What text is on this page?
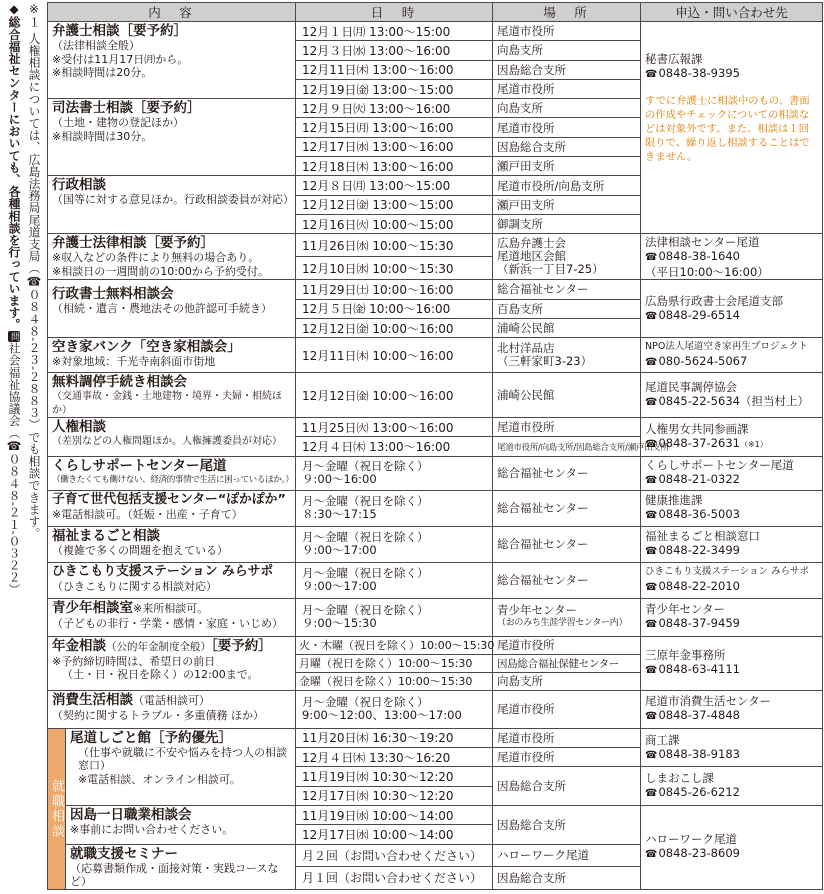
※１ 人権相談については、広島法務局尾道支局（☎０８４８-２３-２８８３）でも相談できます。
◆総合福祉センターにおいても、各種相談を行っています。問社会福祉協議会（☎０８４８-２１-０３２２）
内　容		日　時	場　所	申込・問い合わせ先

弁護士相談［要予約］
（法律相談全般）
※受付は11月17日㈪から。
※相談時間は20分。		12月１日㈪ 13:00～15:00	尾道市役所	秘書広報課
☎ 0848-38-9395
すでに弁護士に相談中のもの、書面の作成やチェックについての相談などは対象外です。また、相談は１回限りで、繰り返し相談することはできません。

		12月３日㈬ 13:00～16:00	向島支所	
		12月11日㈭ 13:00～16:00	因島総合支所	
		12月19日㈮ 13:00～15:00	尾道市役所	

司法書士相談［要予約］
（土地・建物の登記ほか）
※相談時間は30分。		12月９日㈫ 13:00～16:00	向島支所	
		12月15日㈪ 13:00～16:00	尾道市役所	
		12月17日㈬ 13:00～16:00	因島総合支所	
		12月18日㈭ 13:00～16:00	瀬戸田支所	

行政相談
（国等に対する意見ほか。行政相談委員が対応）		12月８日㈪ 13:00～15:00	尾道市役所/向島支所	
		12月12日㈮ 13:00～15:00	瀬戸田支所	
		12月16日㈫ 10:00～15:00	御調支所	

弁護士法律相談［要予約］
※収入などの条件により無料の場合あり。
※相談日の一週間前の10:00から予約受付。		11月26日㈬ 10:00～15:30	広島弁護士会
尾道地区会館
（新浜一丁目7-25）	法律相談センター尾道
☎ 0848-38-1640
（平日10:00～16:00）

		12月10日㈬ 10:00～15:30		

行政書士無料相談会
（相続・遺言・農地法その他許認可手続き）		11月29日㈯ 10:00～16:00	総合福祉センター	広島県行政書士会尾道支部
☎ 0848-29-6514

		12月５日㈮ 10:00～16:00	百島支所	
		12月12日㈮ 10:00～16:00	浦崎公民館	

空き家バンク「空き家相談会」
※対象地域：千光寺南斜面市街地		12月11日㈭ 10:00～16:00	北村洋品店
（三軒家町3-23）	NPO法人尾道空き家再生プロジェクト
☎ 080-5624-5067

無料調停手続き相談会
（交通事故・金銭・土地建物・境界・夫婦・相続ほか）		12月12日㈮ 10:00～16:00	浦崎公民館	尾道民事調停協会
☎ 0845-22-5634（担当村上）

人権相談
（差別などの人権問題ほか。人権擁護委員が対応）		11月25日㈫ 13:00～16:00	尾道市役所	人権男女共同参画課
☎ 0848-37-2631（※1）

		12月４日㈭ 13:00～16:00	尾道市役所/向島支所/因島総合支所/瀬戸田支所	

くらしサポートセンター尾道
（働きたくても働けない、経済的事情で生活に困っているほか。）		月～金曜（祝日を除く）
９:00～16:00	総合福祉センター	くらしサポートセンター尾道
☎ 0848-21-0322

子育て世代包括支援センター“ぽかぽか”
※電話相談可。（妊娠・出産・子育て）		月～金曜（祝日を除く）
８:30～17:15	総合福祉センター	健康推進課
☎ 0848-36-5003

福祉まるごと相談
（複雑で多くの問題を抱えている）		月～金曜（祝日を除く）
９:00～17:00	総合福祉センター	福祉まるごと相談窓口
☎ 0848-22-3499

ひきこもり支援ステーション みらサポ
（ひきこもりに関する相談対応）		月～金曜（祝日を除く）
９:00～17:00	総合福祉センター	ひきこもり支援ステーション みらサポ
☎ 0848-22-2010

青少年相談室※来所相談可。
（子どもの非行・学業・感情・家庭・いじめ）		月～金曜（祝日を除く）
９:00～15:30	青少年センター
（おのみち生涯学習センター内）	青少年センター
☎ 0848-37-9459

年金相談（公的年金制度全般）［要予約］
※予約締切時間は、希望日の前日
（土・日・祝日を除く）の12:00まで。		火・木曜（祝日を除く）10:00～15:30	尾道市役所	三原年金事務所
☎ 0848-63-4111

		月曜（祝日を除く）10:00～15:30	因島総合福祉保健センター	
		金曜（祝日を除く）10:00～15:30	向島支所	

消費生活相談（電話相談可）
（契約に関するトラブル・多重債務 ほか）		月～金曜（祝日を除く）
9:00～12:00、13:00～17:00	尾道市役所	尾道市消費生活センター
☎ 0848-37-4848

就職相談	尾道しごと館［予約優先］
（仕事や就職に不安や悩みを持つ人の相談窓口）
※電話相談、オンライン相談可。	11月20日㈭ 16:30～19:20	尾道市役所	商工課
☎ 0848-38-9183

		12月４日㈭ 13:30～16:20	尾道市役所	
		11月19日㈬ 10:30～12:20	因島総合支所	しまおこし課
☎ 0845-26-6212

		12月17日㈬ 10:30～12:20		

	因島一日職業相談会
※事前にお問い合わせください。	11月19日㈬ 10:00～14:00	因島総合支所	ハローワーク尾道
☎ 0848-23-8609

		12月17日㈬ 10:00～14:00		

	就職支援セミナー
（応募書類作成・面接対策・実践コースなど）	月２回（お問い合わせください）	ハローワーク尾道	
		月１回（お問い合わせください）	因島総合支所	
